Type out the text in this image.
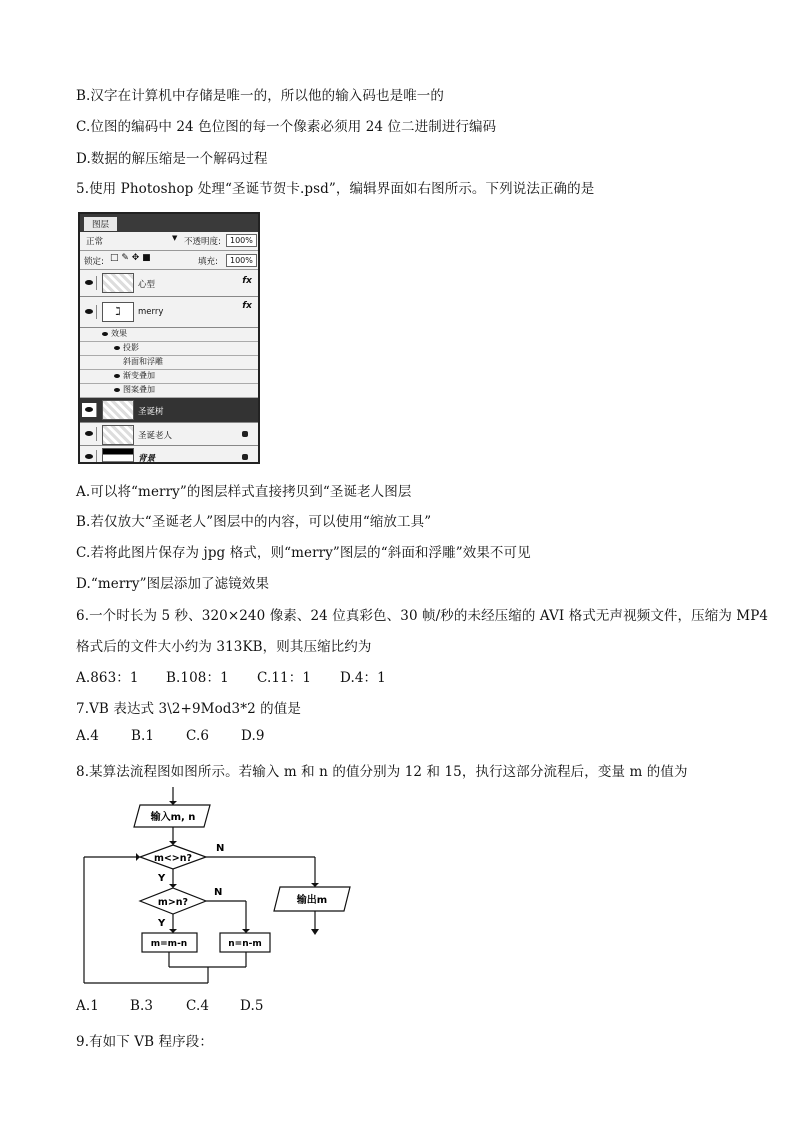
B.汉字在计算机中存储是唯一的，所以他的输入码也是唯一的
C.位图的编码中 24 色位图的每一个像素必须用 24 位二进制进行编码
D.数据的解压缩是一个解码过程
5.使用 Photoshop 处理“圣诞节贺卡.psd”，编辑界面如右图所示。下列说法正确的是
图层
正常	▼ 不透明度:	100%
锁定: □ ✎ ✥ ■	填充:	100%
心型	fx
ℷ	merry
fx
效果
投影
斜面和浮雕
渐变叠加
图案叠加
圣诞树
圣诞老人
背景
A.可以将“merry”的图层样式直接拷贝到“圣诞老人图层
B.若仅放大“圣诞老人”图层中的内容，可以使用“缩放工具”
C.若将此图片保存为 jpg 格式，则“merry”图层的“斜面和浮雕”效果不可见
D.“merry”图层添加了滤镜效果
6.一个时长为 5 秒、320×240 像素、24 位真彩色、30 帧/秒的未经压缩的 AVI 格式无声视频文件，压缩为 MP4
格式后的文件大小约为 313KB，则其压缩比约为
A.863：1	B.108：1	C.11：1	D.4：1
7.VB 表达式 3\2+9Mod3*2 的值是
A.4	B.1	C.6	D.9
8.某算法流程图如图所示。若输入 m 和 n 的值分别为 12 和 15，执行这部分流程后，变量 m 的值为
输入m, n
m<>n?
N
Y
m>n?
N
Y
m=m-n	n=n-m
输出m
A.1	B.3	C.4	D.5
9.有如下 VB 程序段：
